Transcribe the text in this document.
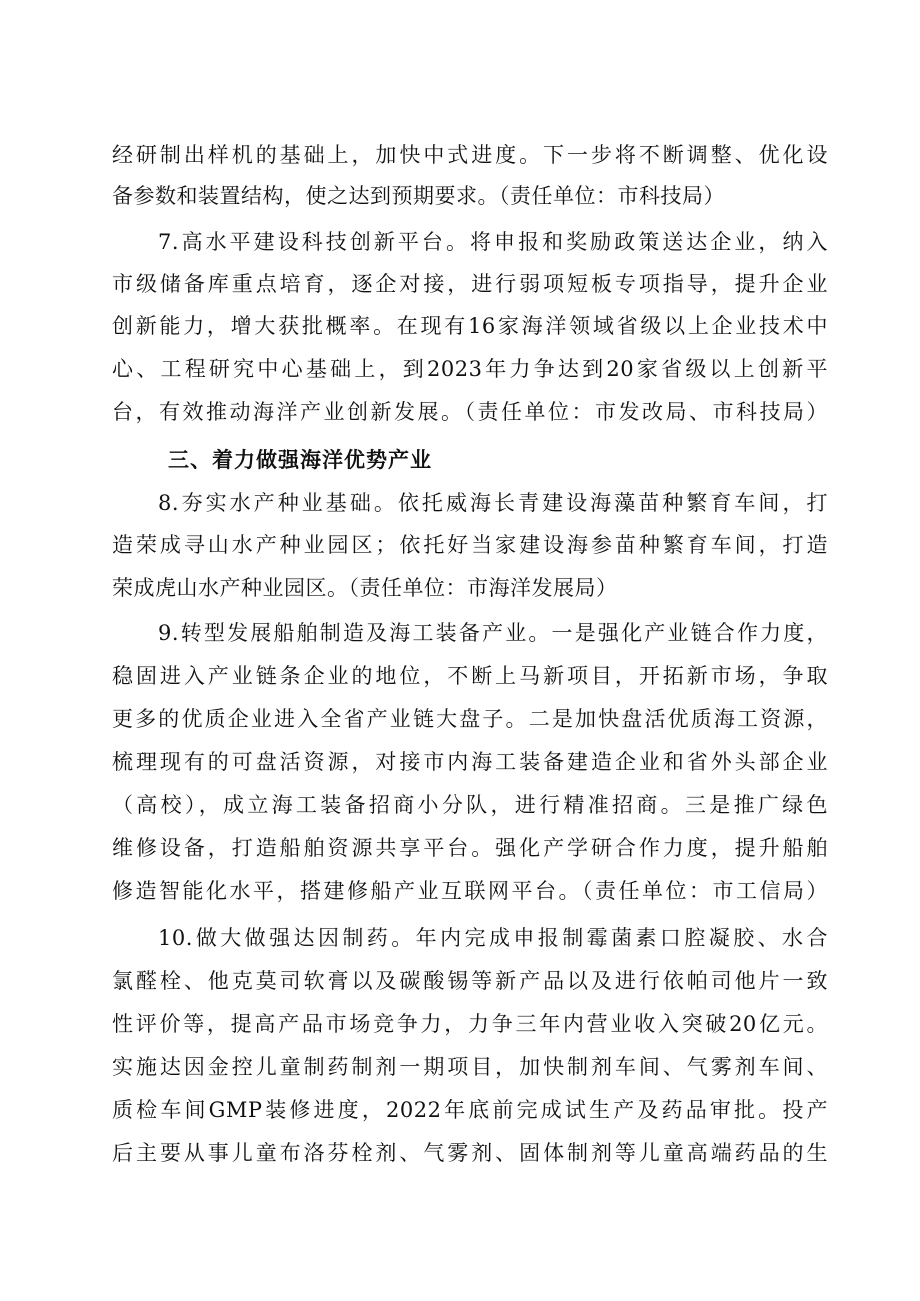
经研制出样机的基础上，加快中式进度。下一步将不断调整、优化设
备参数和装置结构，使之达到预期要求。（责任单位：市科技局）
7.高水平建设科技创新平台。将申报和奖励政策送达企业，纳入
市级储备库重点培育，逐企对接，进行弱项短板专项指导，提升企业
创新能力，增大获批概率。在现有16家海洋领域省级以上企业技术中
心、工程研究中心基础上，到2023年力争达到20家省级以上创新平
台，有效推动海洋产业创新发展。（责任单位：市发改局、市科技局）
三、着力做强海洋优势产业
8.夯实水产种业基础。依托威海长青建设海藻苗种繁育车间，打
造荣成寻山水产种业园区；依托好当家建设海参苗种繁育车间，打造
荣成虎山水产种业园区。（责任单位：市海洋发展局）
9.转型发展船舶制造及海工装备产业。一是强化产业链合作力度，
稳固进入产业链条企业的地位，不断上马新项目，开拓新市场，争取
更多的优质企业进入全省产业链大盘子。二是加快盘活优质海工资源，
梳理现有的可盘活资源，对接市内海工装备建造企业和省外头部企业
（高校），成立海工装备招商小分队，进行精准招商。三是推广绿色
维修设备，打造船舶资源共享平台。强化产学研合作力度，提升船舶
修造智能化水平，搭建修船产业互联网平台。（责任单位：市工信局）
10.做大做强达因制药。年内完成申报制霉菌素口腔凝胶、水合
氯醛栓、他克莫司软膏以及碳酸锡等新产品以及进行依帕司他片一致
性评价等，提高产品市场竞争力，力争三年内营业收入突破20亿元。
实施达因金控儿童制药制剂一期项目，加快制剂车间、气雾剂车间、
质检车间GMP装修进度，2022年底前完成试生产及药品审批。投产
后主要从事儿童布洛芬栓剂、气雾剂、固体制剂等儿童高端药品的生
